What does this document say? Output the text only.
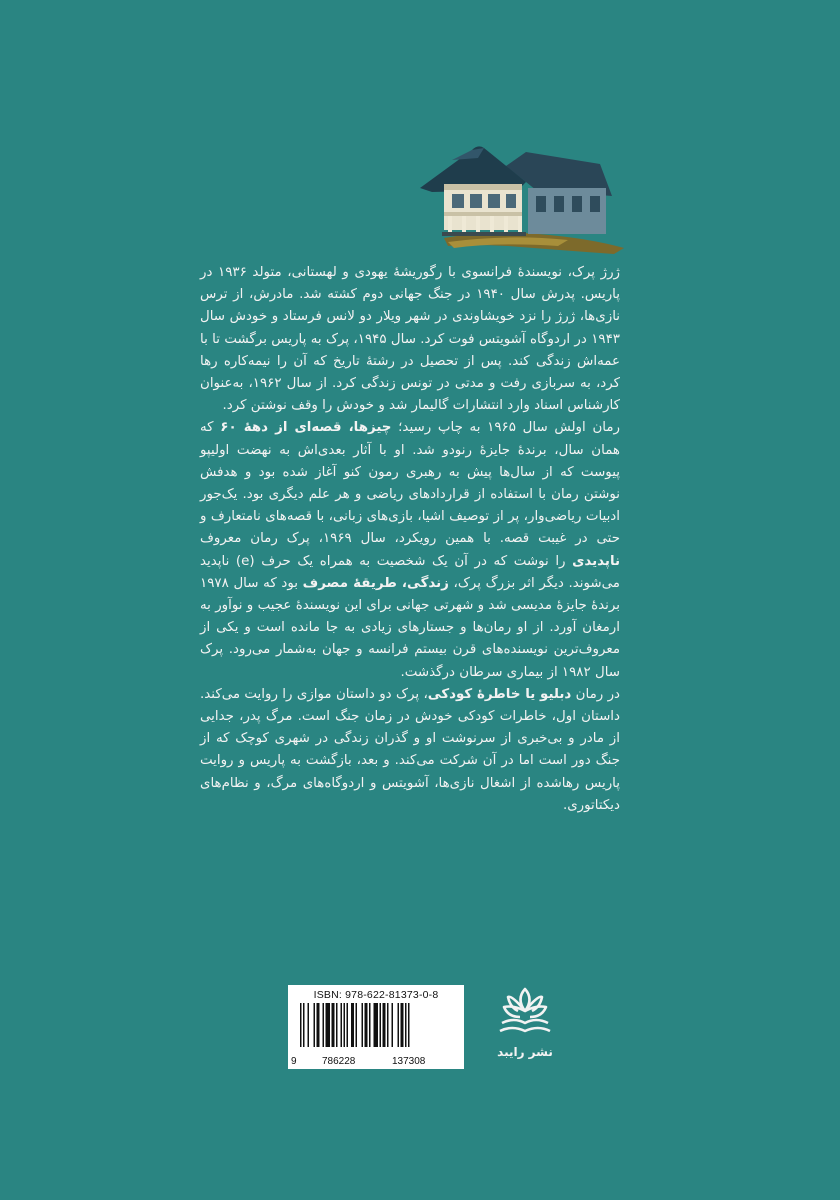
ژرژ پرک، نویسندهٔ فرانسوی با رگوریشهٔ یهودی و لهستانی، متولد ۱۹۳۶ در پاریس. پدرش سال ۱۹۴۰ در جنگ جهانی دوم کشته شد. مادرش، از ترس نازی‌ها، ژرژ را نزد خویشاوندی در شهر ویلار دو لانس فرستاد و خودش سال ۱۹۴۳ در اردوگاه آشویتس فوت کرد. سال ۱۹۴۵، پرک به پاریس برگشت تا با عمه‌اش زندگی کند. پس از تحصیل در رشتهٔ تاریخ که آن را نیمه‌کاره رها کرد، به سربازی رفت و مدتی در تونس زندگی کرد. از سال ۱۹۶۲، به‌عنوان کارشناس اسناد وارد انتشارات گالیمار شد و خودش را وقف نوشتن کرد.

رمان اولش سال ۱۹۶۵ به چاپ رسید؛ چیزها، قصه‌ای از دههٔ ۶۰ که همان سال، برندهٔ جایزهٔ رنودو شد. او با آثار بعدی‌اش به نهضت اولیپو پیوست که از سال‌ها پیش به رهبری رمون کنو آغاز شده بود و هدفش نوشتن رمان با استفاده از قراردادهای ریاضی و هر علم دیگری بود. یک‌جور ادبیات ریاضی‌وار، پر از توصیف اشیا، بازی‌های زبانی، با قصه‌های نامتعارف و حتی در غیبت قصه. با همین رویکرد، سال ۱۹۶۹، پرک رمان معروف ناپدیدی را نوشت که در آن یک شخصیت به همراه یک حرف (e) ناپدید می‌شوند. دیگر اثر بزرگ پرک، زندگی، طریقهٔ مصرف بود که سال ۱۹۷۸ برندهٔ جایزهٔ مدیسی شد و شهرتی جهانی برای این نویسندهٔ عجیب و نوآور به ارمغان آورد. از او رمان‌ها و جستارهای زیادی به جا مانده است و یکی از معروف‌ترین نویسنده‌های قرن بیستم فرانسه و جهان به‌شمار می‌رود. پرک سال ۱۹۸۲ از بیماری سرطان درگذشت.

در رمان دبلیو یا خاطرهٔ کودکی، پرک دو داستان موازی را روایت می‌کند. داستان اول، خاطرات کودکی خودش در زمان جنگ است. مرگ پدر، جدایی از مادر و بی‌خبری از سرنوشت او و گذران زندگی در شهری کوچک که از جنگ دور است اما در آن شرکت می‌کند. و بعد، بازگشت به پاریس و روایت پاریس رهاشده از اشغال نازی‌ها، آشویتس و اردوگاه‌های مرگ، و نظام‌های دیکتاتوری.

ISBN: 978-622-81373-0-8
9	786228	137308
نشر رایبد
